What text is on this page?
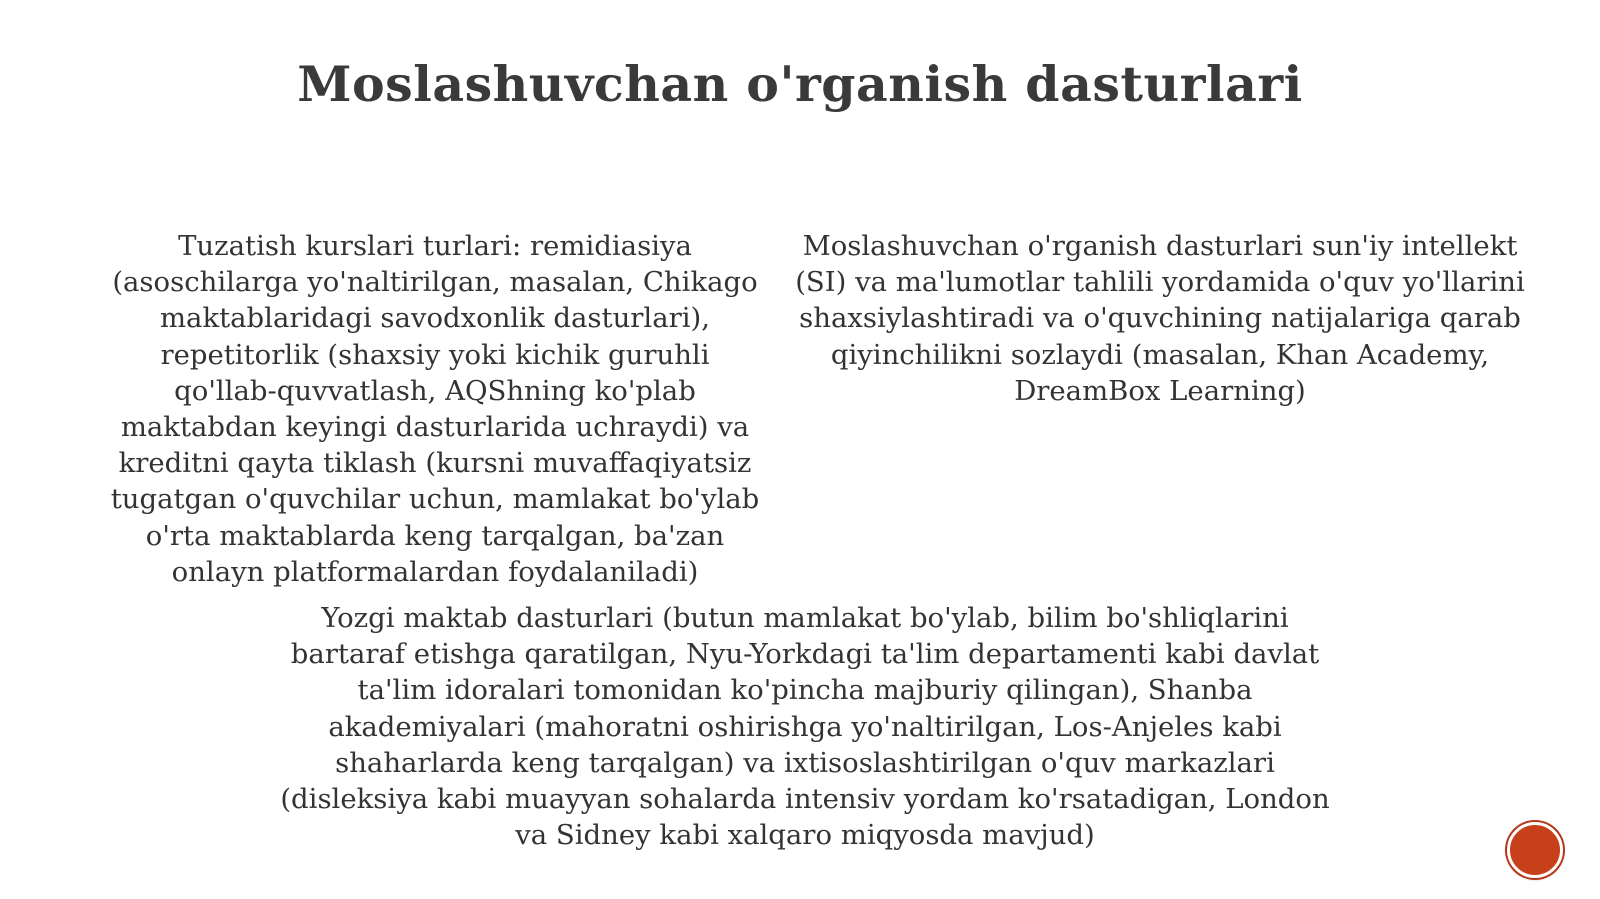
Moslashuvchan o'rganish dasturlari

Tuzatish kurslari turlari: remidiasiya (asoschilarga yo'naltirilgan, masalan, Chikago maktablaridagi savodxonlik dasturlari), repetitorlik (shaxsiy yoki kichik guruhli qo'llab-quvvatlash, AQShning ko'plab maktabdan keyingi dasturlarida uchraydi) va kreditni qayta tiklash (kursni muvaffaqiyatsiz tugatgan o'quvchilar uchun, mamlakat bo'ylab o'rta maktablarda keng tarqalgan, ba'zan onlayn platformalardan foydalaniladi)

Moslashuvchan o'rganish dasturlari sun'iy intellekt (SI) va ma'lumotlar tahlili yordamida o'quv yo'llarini shaxsiylashtiradi va o'quvchining natijalariga qarab qiyinchilikni sozlaydi (masalan, Khan Academy, DreamBox Learning)

Yozgi maktab dasturlari (butun mamlakat bo'ylab, bilim bo'shliqlarini bartaraf etishga qaratilgan, Nyu-Yorkdagi ta'lim departamenti kabi davlat ta'lim idoralari tomonidan ko'pincha majburiy qilingan), Shanba akademiyalari (mahoratni oshirishga yo'naltirilgan, Los-Anjeles kabi shaharlarda keng tarqalgan) va ixtisoslashtirilgan o'quv markazlari (disleksiya kabi muayyan sohalarda intensiv yordam ko'rsatadigan, London va Sidney kabi xalqaro miqyosda mavjud)
